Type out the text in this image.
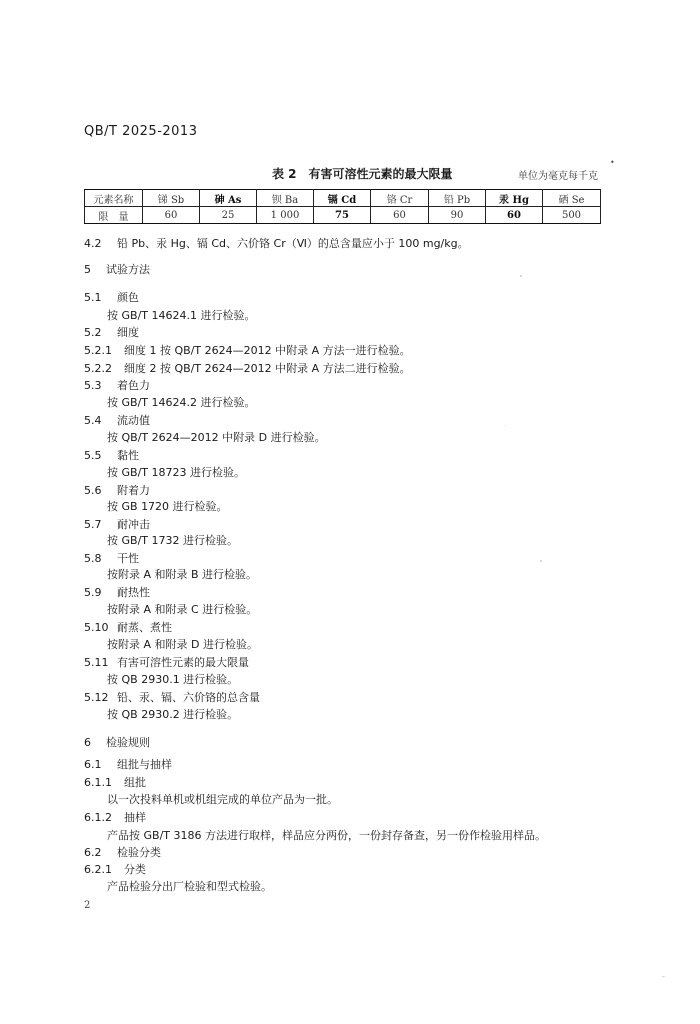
QB/T 2025-2013
表 2　有害可溶性元素的最大限量	单位为毫克每千克
•
元素名称	锑 Sb	砷 As	钡 Ba	镉 Cd	铬 Cr	铅 Pb	汞 Hg	硒 Se
限　量	60	25	1 000	75	60	90	60	500
4.2 铅 Pb、汞 Hg、镉 Cd、六价铬 Cr（Ⅵ）的总含量应小于 100 mg/kg。
5 试验方法
5.1 颜色
按 GB/T 14624.1 进行检验。
5.2 细度
5.2.1 细度 1 按 QB/T 2624—2012 中附录 A 方法一进行检验。
5.2.2 细度 2 按 QB/T 2624—2012 中附录 A 方法二进行检验。
5.3 着色力
按 GB/T 14624.2 进行检验。
5.4 流动值
按 QB/T 2624—2012 中附录 D 进行检验。
5.5 黏性
按 GB/T 18723 进行检验。
5.6 附着力
按 GB 1720 进行检验。
5.7 耐冲击
按 GB/T 1732 进行检验。
5.8 干性
按附录 A 和附录 B 进行检验。
5.9 耐热性
按附录 A 和附录 C 进行检验。
5.10 耐蒸、煮性
按附录 A 和附录 D 进行检验。
5.11 有害可溶性元素的最大限量
按 QB 2930.1 进行检验。
5.12 铅、汞、镉、六价铬的总含量
按 QB 2930.2 进行检验。
6 检验规则
6.1 组批与抽样
6.1.1 组批
以一次投料单机或机组完成的单位产品为一批。
6.1.2 抽样
产品按 GB/T 3186 方法进行取样，样品应分两份，一份封存备查，另一份作检验用样品。
6.2 检验分类
6.2.1 分类
产品检验分出厂检验和型式检验。
2
